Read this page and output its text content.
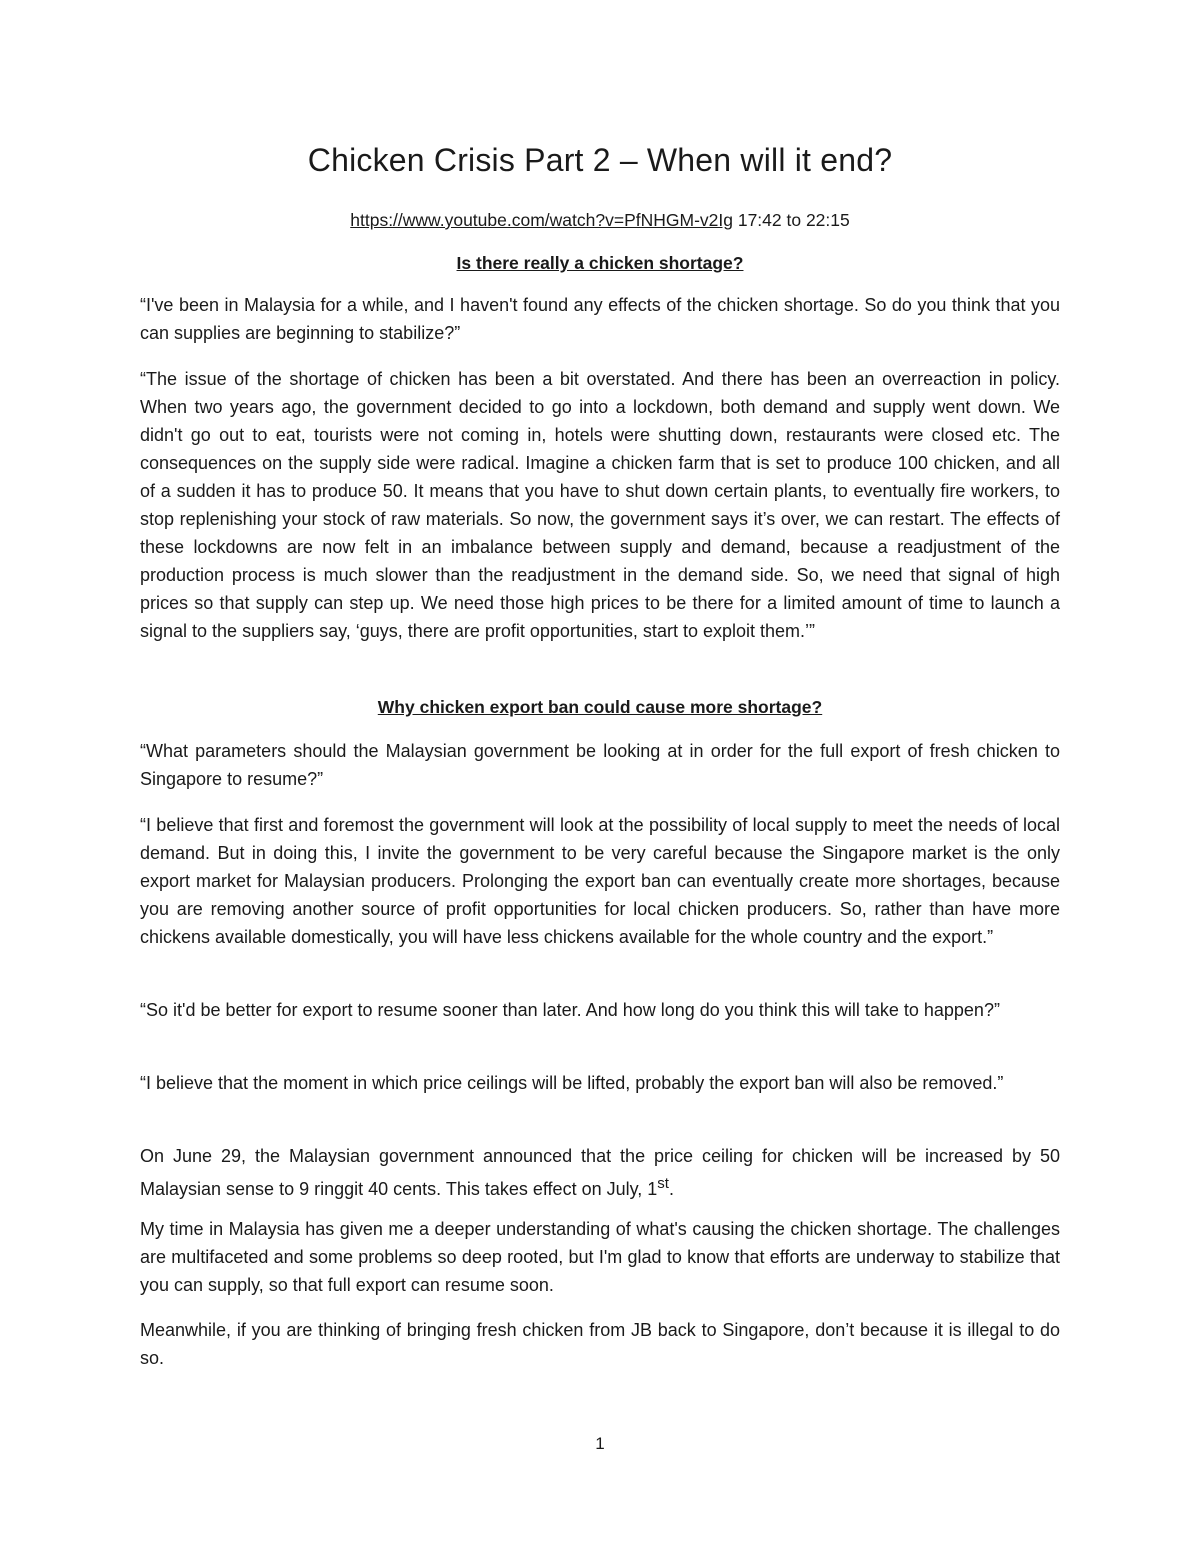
Chicken Crisis Part 2 – When will it end?
https://www.youtube.com/watch?v=PfNHGM-v2Ig 17:42 to 22:15
Is there really a chicken shortage?

“I've been in Malaysia for a while, and I haven't found any effects of the chicken shortage. So do you think that you can supplies are beginning to stabilize?”

“The issue of the shortage of chicken has been a bit overstated. And there has been an overreaction in policy. When two years ago, the government decided to go into a lockdown, both demand and supply went down. We didn't go out to eat, tourists were not coming in, hotels were shutting down, restaurants were closed etc. The consequences on the supply side were radical. Imagine a chicken farm that is set to produce 100 chicken, and all of a sudden it has to produce 50. It means that you have to shut down certain plants, to eventually fire workers, to stop replenishing your stock of raw materials. So now, the government says it’s over, we can restart. The effects of these lockdowns are now felt in an imbalance between supply and demand, because a readjustment of the production process is much slower than the readjustment in the demand side. So, we need that signal of high prices so that supply can step up. We need those high prices to be there for a limited amount of time to launch a signal to the suppliers say, ‘guys, there are profit opportunities, start to exploit them.’”

Why chicken export ban could cause more shortage?

“What parameters should the Malaysian government be looking at in order for the full export of fresh chicken to Singapore to resume?”

“I believe that first and foremost the government will look at the possibility of local supply to meet the needs of local demand. But in doing this, I invite the government to be very careful because the Singapore market is the only export market for Malaysian producers. Prolonging the export ban can eventually create more shortages, because you are removing another source of profit opportunities for local chicken producers. So, rather than have more chickens available domestically, you will have less chickens available for the whole country and the export.”

“So it'd be better for export to resume sooner than later. And how long do you think this will take to happen?”

“I believe that the moment in which price ceilings will be lifted, probably the export ban will also be removed.”

On June 29, the Malaysian government announced that the price ceiling for chicken will be increased by 50 Malaysian sense to 9 ringgit 40 cents. This takes effect on July, 1st.

My time in Malaysia has given me a deeper understanding of what's causing the chicken shortage. The challenges are multifaceted and some problems so deep rooted, but I'm glad to know that efforts are underway to stabilize that you can supply, so that full export can resume soon.

Meanwhile, if you are thinking of bringing fresh chicken from JB back to Singapore, don’t because it is illegal to do so.

1
